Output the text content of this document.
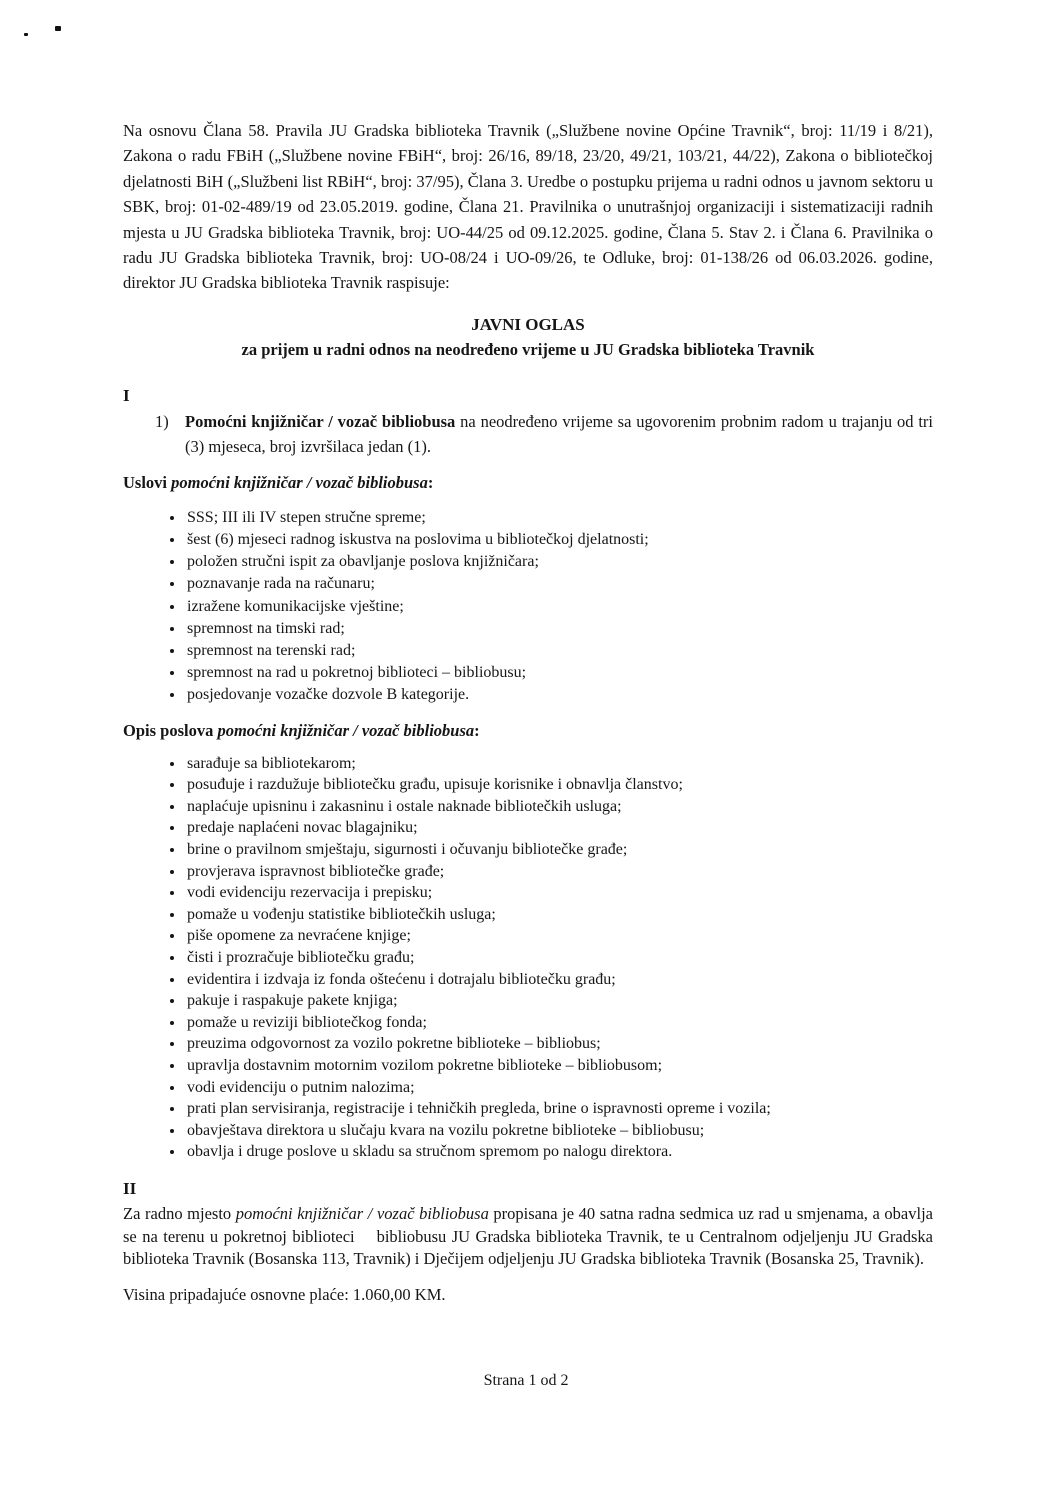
Na osnovu Člana 58. Pravila JU Gradska biblioteka Travnik („Službene novine Općine Travnik“, broj: 11/19 i 8/21), Zakona o radu FBiH („Službene novine FBiH“, broj: 26/16, 89/18, 23/20, 49/21, 103/21, 44/22), Zakona o bibliotečkoj djelatnosti BiH („Službeni list RBiH“, broj: 37/95), Člana 3. Uredbe o postupku prijema u radni odnos u javnom sektoru u SBK, broj: 01-02-489/19 od 23.05.2019. godine, Člana 21. Pravilnika o unutrašnjoj organizaciji i sistematizaciji radnih mjesta u JU Gradska biblioteka Travnik, broj: UO-44/25 od 09.12.2025. godine, Člana 5. Stav 2. i Člana 6. Pravilnika o radu JU Gradska biblioteka Travnik, broj: UO-08/24 i UO-09/26, te Odluke, broj: 01-138/26 od 06.03.2026. godine, direktor JU Gradska biblioteka Travnik raspisuje:

JAVNI OGLAS

za prijem u radni odnos na neodređeno vrijeme u JU Gradska biblioteka Travnik

I

1) Pomoćni knjižničar / vozač bibliobusa na neodređeno vrijeme sa ugovorenim probnim radom u trajanju od tri (3) mjeseca, broj izvršilaca jedan (1).

Uslovi pomoćni knjižničar / vozač bibliobusa:

• SSS; III ili IV stepen stručne spreme;
• šest (6) mjeseci radnog iskustva na poslovima u bibliotečkoj djelatnosti;
• položen stručni ispit za obavljanje poslova knjižničara;
• poznavanje rada na računaru;
• izražene komunikacijske vještine;
• spremnost na timski rad;
• spremnost na terenski rad;
• spremnost na rad u pokretnoj biblioteci – bibliobusu;
• posjedovanje vozačke dozvole B kategorije.

Opis poslova pomoćni knjižničar / vozač bibliobusa:

• sarađuje sa bibliotekarom;
• posuđuje i razdužuje bibliotečku građu, upisuje korisnike i obnavlja članstvo;
• naplaćuje upisninu i zakasninu i ostale naknade bibliotečkih usluga;
• predaje naplaćeni novac blagajniku;
• brine o pravilnom smještaju, sigurnosti i očuvanju bibliotečke građe;
• provjerava ispravnost bibliotečke građe;
• vodi evidenciju rezervacija i prepisku;
• pomaže u vođenju statistike bibliotečkih usluga;
• piše opomene za nevraćene knjige;
• čisti i prozračuje bibliotečku građu;
• evidentira i izdvaja iz fonda oštećenu i dotrajalu bibliotečku građu;
• pakuje i raspakuje pakete knjiga;
• pomaže u reviziji bibliotečkog fonda;
• preuzima odgovornost za vozilo pokretne biblioteke – bibliobus;
• upravlja dostavnim motornim vozilom pokretne biblioteke – bibliobusom;
• vodi evidenciju o putnim nalozima;
• prati plan servisiranja, registracije i tehničkih pregleda, brine o ispravnosti opreme i vozila;
• obavještava direktora u slučaju kvara na vozilu pokretne biblioteke – bibliobusu;
• obavlja i druge poslove u skladu sa stručnom spremom po nalogu direktora.

II

Za radno mjesto pomoćni knjižničar / vozač bibliobusa propisana je 40 satna radna sedmica uz rad u smjenama, a obavlja se na terenu u pokretnoj biblioteci   bibliobusu JU Gradska biblioteka Travnik, te u Centralnom odjeljenju JU Gradska biblioteka Travnik (Bosanska 113, Travnik) i Dječijem odjeljenju JU Gradska biblioteka Travnik (Bosanska 25, Travnik).

Visina pripadajuće osnovne plaće: 1.060,00 KM.

Strana 1 od 2
